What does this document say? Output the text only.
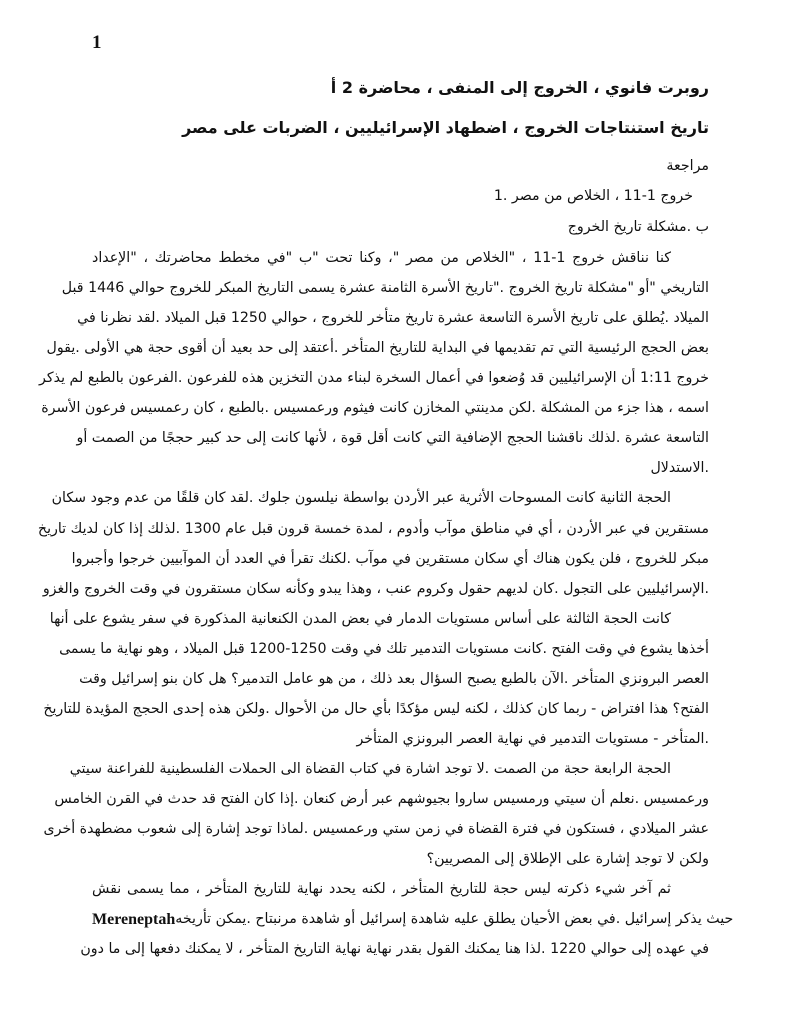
1
روبرت فانوي ، الخروج إلى المنفى ، محاضرة 2 أ
تاريخ استنتاجات الخروج ، اضطهاد الإسرائيليين ، الضربات على مصر
مراجعة
خروج 1-11 ، الخلاص من مصر .1
ب .مشكلة تاريخ الخروج
كنا نناقش خروج 1-11 ، "الخلاص من مصر "، وكنا تحت "ب "في مخطط محاضرتك ، "الإعداد
التاريخي "أو "مشكلة تاريخ الخروج ."تاريخ الأسرة الثامنة عشرة يسمى التاريخ المبكر للخروج حوالي 1446 قبل
الميلاد .يُطلق على تاريخ الأسرة التاسعة عشرة تاريخ متأخر للخروج ، حوالي 1250 قبل الميلاد .لقد نظرنا في
بعض الحجج الرئيسية التي تم تقديمها في البداية للتاريخ المتأخر .أعتقد إلى حد بعيد أن أقوى حجة هي الأولى .يقول
خروج 1:11 أن الإسرائيليين قد وُضعوا في أعمال السخرة لبناء مدن التخزين هذه للفرعون .الفرعون بالطبع لم يذكر
اسمه ، هذا جزء من المشكلة .لكن مدينتي المخازن كانت فيثوم ورعمسيس .بالطبع ، كان رعمسيس فرعون الأسرة
التاسعة عشرة .لذلك ناقشنا الحجج الإضافية التي كانت أقل قوة ، لأنها كانت إلى حد كبير حججًا من الصمت أو
.الاستدلال
الحجة الثانية كانت المسوحات الأثرية عبر الأردن بواسطة نيلسون جلوك .لقد كان قلقًا من عدم وجود سكان
مستقرين في عبر الأردن ، أي في مناطق موآب وأدوم ، لمدة خمسة قرون قبل عام 1300 .لذلك إذا كان لديك تاريخ
مبكر للخروج ، فلن يكون هناك أي سكان مستقرين في موآب .لكنك تقرأ في العدد أن الموآبيين خرجوا وأجبروا
.الإسرائيليين على التجول .كان لديهم حقول وكروم عنب ، وهذا يبدو وكأنه سكان مستقرون في وقت الخروج والغزو
كانت الحجة الثالثة على أساس مستويات الدمار في بعض المدن الكنعانية المذكورة في سفر يشوع على أنها
أخذها يشوع في وقت الفتح .كانت مستويات التدمير تلك في وقت 1250-1200 قبل الميلاد ، وهو نهاية ما يسمى
العصر البرونزي المتأخر .الآن بالطبع يصبح السؤال بعد ذلك ، من هو عامل التدمير؟ هل كان بنو إسرائيل وقت
الفتح؟ هذا افتراض - ربما كان كذلك ، لكنه ليس مؤكدًا بأي حال من الأحوال .ولكن هذه إحدى الحجج المؤيدة للتاريخ
.المتأخر - مستويات التدمير في نهاية العصر البرونزي المتأخر
الحجة الرابعة حجة من الصمت .لا توجد اشارة في كتاب القضاة الى الحملات الفلسطينية للفراعنة سيتي
ورعمسيس .نعلم أن سيتي ورمسيس ساروا بجيوشهم عبر أرض كنعان .إذا كان الفتح قد حدث في القرن الخامس
عشر الميلادي ، فستكون في فترة القضاة في زمن ستي ورعمسيس .لماذا توجد إشارة إلى شعوب مضطهدة أخرى
ولكن لا توجد إشارة على الإطلاق إلى المصريين؟
ثم آخر شيء ذكرته ليس حجة للتاريخ المتأخر ، لكنه يحدد نهاية للتاريخ المتأخر ، مما يسمى نقش
Mereneptah حيث يذكر إسرائيل .في بعض الأحيان يطلق عليه شاهدة إسرائيل أو شاهدة مرنبتاح .يمكن تأريخه
في عهده إلى حوالي 1220 .لذا هنا يمكنك القول بقدر نهاية نهاية التاريخ المتأخر ، لا يمكنك دفعها إلى ما دون
